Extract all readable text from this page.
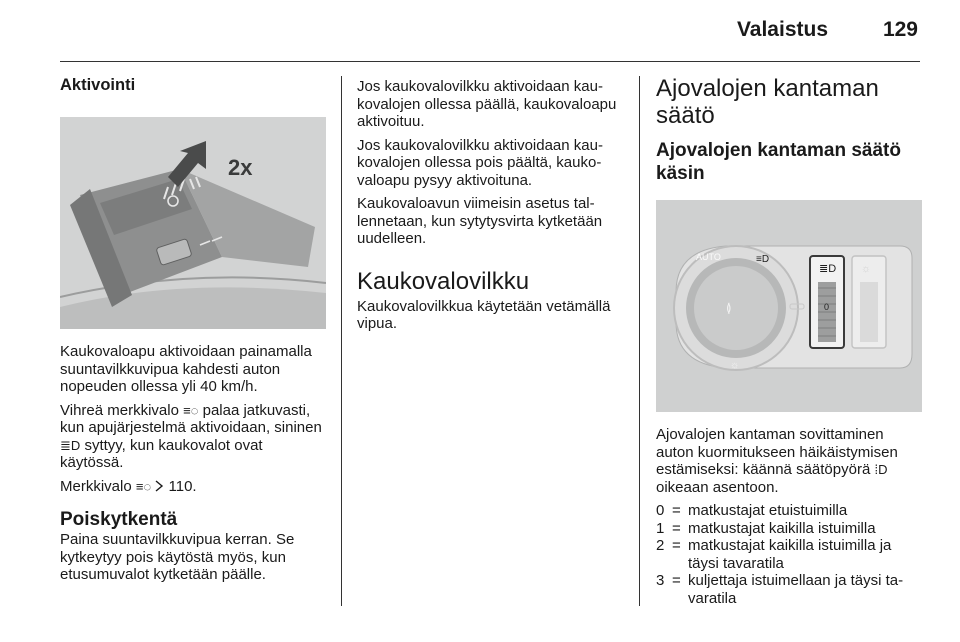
Valaistus	129
Aktivointi
2x

Kaukovaloapu aktivoidaan painamalla suuntavilkkuvipua kahdesti auton nopeuden ollessa yli 40 km/h.

Vihreä merkkivalo ≡◌ palaa jatkuvasti, kun apujärjestelmä aktivoidaan, sininen ≣D syttyy, kun kaukovalot ovat käytössä.

Merkkivalo ≡◌ 110.

Poiskytkentä

Paina suuntavilkkuvipua kerran. Se kytkeytyy pois käytöstä myös, kun etusumuvalot kytketään päälle.

Jos kaukovalovilkku aktivoidaan kaukovalojen ollessa päällä, kaukovaloapu aktivoituu.

Jos kaukovalovilkku aktivoidaan kaukovalojen ollessa pois päältä, kaukovaloapu pysyy aktivoituna.

Kaukovaloavun viimeisin asetus tallennetaan, kun sytytysvirta kytketään uudelleen.

Kaukovalovilkku

Kaukovalovilkkua käytetään vetämällä vipua.

Ajovalojen kantaman säätö
Ajovalojen kantaman säätö käsin
AUTO	≡D
≬
☼
≣D
0
☼

Ajovalojen kantaman sovittaminen auton kuormitukseen häikäistymisen estämiseksi: käännä säätöpyörä ⁞D oikeaan asentoon.

0 = matkustajat etuistuimilla
1 = matkustajat kaikilla istuimilla
2 = matkustajat kaikilla istuimilla ja täysi tavaratila
3 = kuljettaja istuimellaan ja täysi tavaratila
